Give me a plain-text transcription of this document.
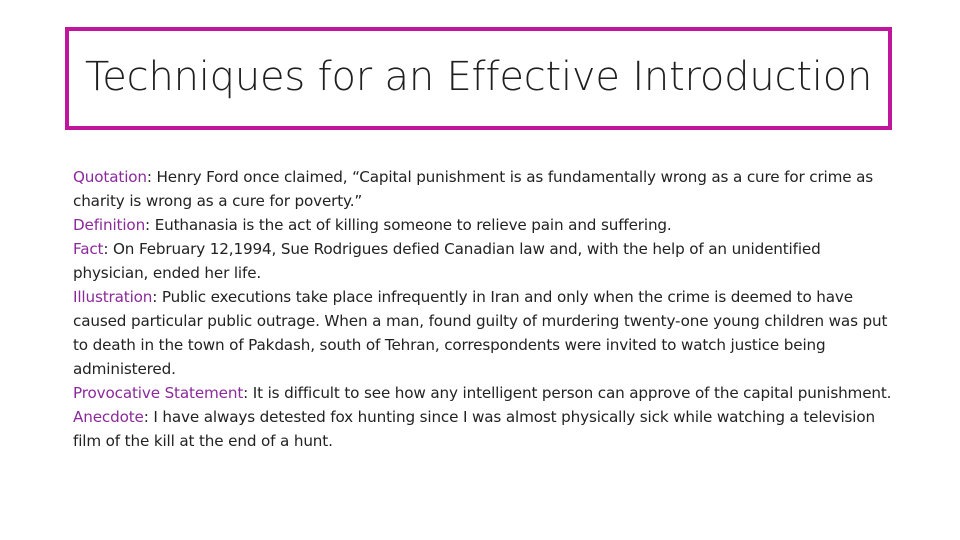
Techniques for an Effective Introduction

Quotation: Henry Ford once claimed, “Capital punishment is as fundamentally wrong as a cure for crime as charity is wrong as a cure for poverty.”

Definition: Euthanasia is the act of killing someone to relieve pain and suffering.

Fact: On February 12,1994, Sue Rodrigues defied Canadian law and, with the help of an unidentified physician, ended her life.

Illustration: Public executions take place infrequently in Iran and only when the crime is deemed to have caused particular public outrage. When a man, found guilty of murdering twenty-one young children was put to death in the town of Pakdash, south of Tehran, correspondents were invited to watch justice being administered.

Provocative Statement: It is difficult to see how any intelligent person can approve of the capital punishment.

Anecdote: I have always detested fox hunting since I was almost physically sick while watching a television film of the kill at the end of a hunt.
